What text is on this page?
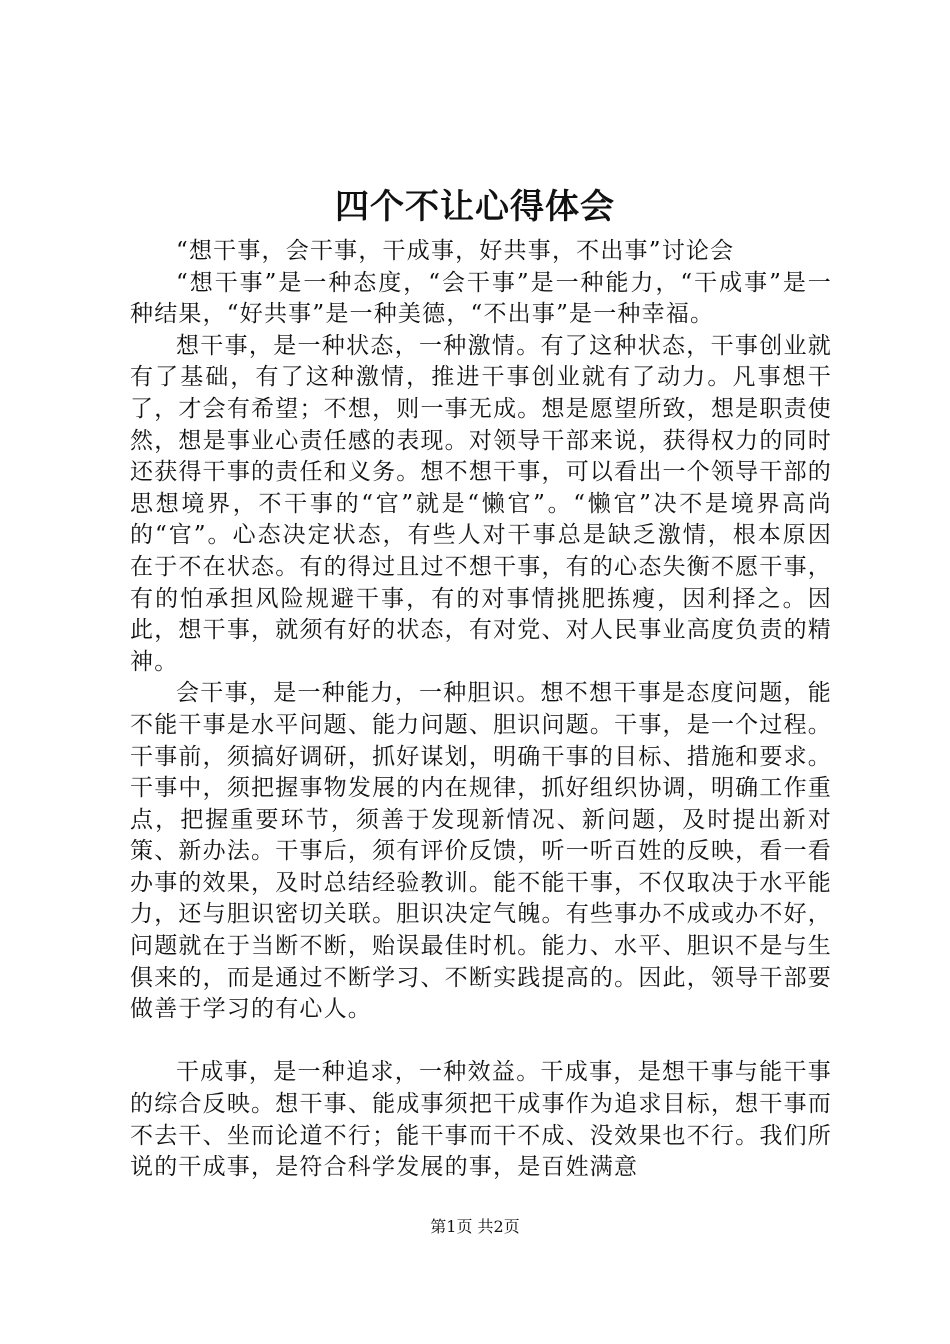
四个不让心得体会

“想干事，会干事，干成事，好共事，不出事”讨论会

“想干事”是一种态度，“会干事”是一种能力，“干成事”是一种结果，“好共事”是一种美德，“不出事”是一种幸福。

想干事，是一种状态，一种激情。有了这种状态，干事创业就有了基础，有了这种激情，推进干事创业就有了动力。凡事想干了，才会有希望；不想，则一事无成。想是愿望所致，想是职责使然，想是事业心责任感的表现。对领导干部来说，获得权力的同时还获得干事的责任和义务。想不想干事，可以看出一个领导干部的思想境界，不干事的“官”就是“懒官”。“懒官”决不是境界高尚的“官”。心态决定状态，有些人对干事总是缺乏激情，根本原因在于不在状态。有的得过且过不想干事，有的心态失衡不愿干事，有的怕承担风险规避干事，有的对事情挑肥拣瘦，因利择之。因此，想干事，就须有好的状态，有对党、对人民事业高度负责的精神。

会干事，是一种能力，一种胆识。想不想干事是态度问题，能不能干事是水平问题、能力问题、胆识问题。干事，是一个过程。干事前，须搞好调研，抓好谋划，明确干事的目标、措施和要求。干事中，须把握事物发展的内在规律，抓好组织协调，明确工作重点，把握重要环节，须善于发现新情况、新问题，及时提出新对策、新办法。干事后，须有评价反馈，听一听百姓的反映，看一看办事的效果，及时总结经验教训。能不能干事，不仅取决于水平能力，还与胆识密切关联。胆识决定气魄。有些事办不成或办不好，问题就在于当断不断，贻误最佳时机。能力、水平、胆识不是与生俱来的，而是通过不断学习、不断实践提高的。因此，领导干部要做善于学习的有心人。

干成事，是一种追求，一种效益。干成事，是想干事与能干事的综合反映。想干事、能成事须把干成事作为追求目标，想干事而不去干、坐而论道不行；能干事而干不成、没效果也不行。我们所说的干成事，是符合科学发展的事，是百姓满意

第1页 共2页
